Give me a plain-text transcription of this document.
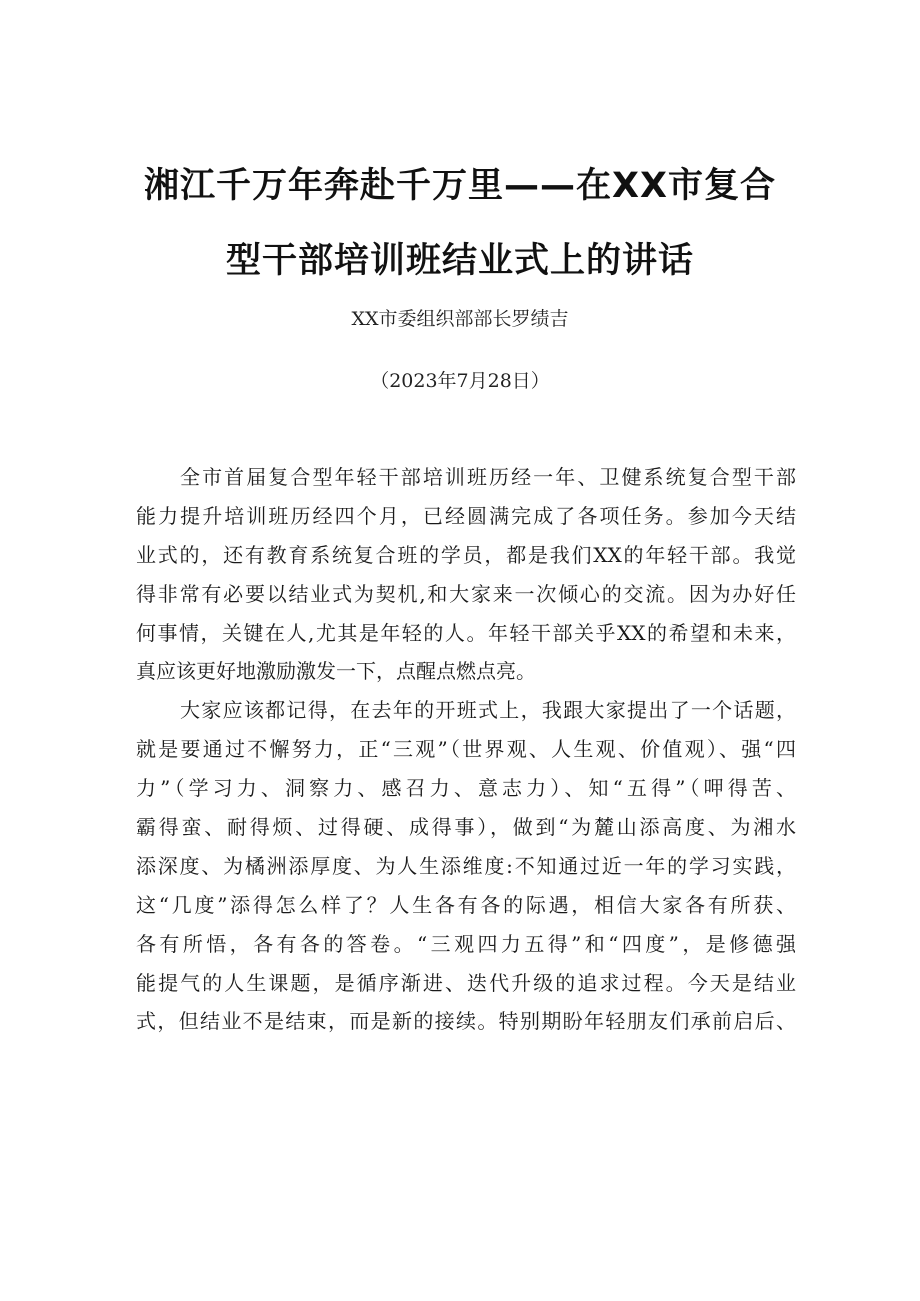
湘江千万年奔赴千万里——在XX市复合
型干部培训班结业式上的讲话
XX市委组织部部长罗绩吉
（2023年7月28日）
全市首届复合型年轻干部培训班历经一年、卫健系统复合型干部
能力提升培训班历经四个月，已经圆满完成了各项任务。参加今天结
业式的，还有教育系统复合班的学员，都是我们XX的年轻干部。我觉
得非常有必要以结业式为契机,和大家来一次倾心的交流。因为办好任
何事情，关键在人,尤其是年轻的人。年轻干部关乎XX的希望和未来，
真应该更好地激励激发一下，点醒点燃点亮。
大家应该都记得，在去年的开班式上，我跟大家提出了一个话题，
就是要通过不懈努力，正“三观”（世界观、人生观、价值观）、强“四
力”（学习力、洞察力、感召力、意志力）、知“五得”（呷得苦、
霸得蛮、耐得烦、过得硬、成得事），做到“为麓山添高度、为湘水
添深度、为橘洲添厚度、为人生添维度:不知通过近一年的学习实践，
这“几度”添得怎么样了？人生各有各的际遇，相信大家各有所获、
各有所悟，各有各的答卷。“三观四力五得”和“四度”，是修德强
能提气的人生课题，是循序渐进、迭代升级的追求过程。今天是结业
式，但结业不是结束，而是新的接续。特别期盼年轻朋友们承前启后、
